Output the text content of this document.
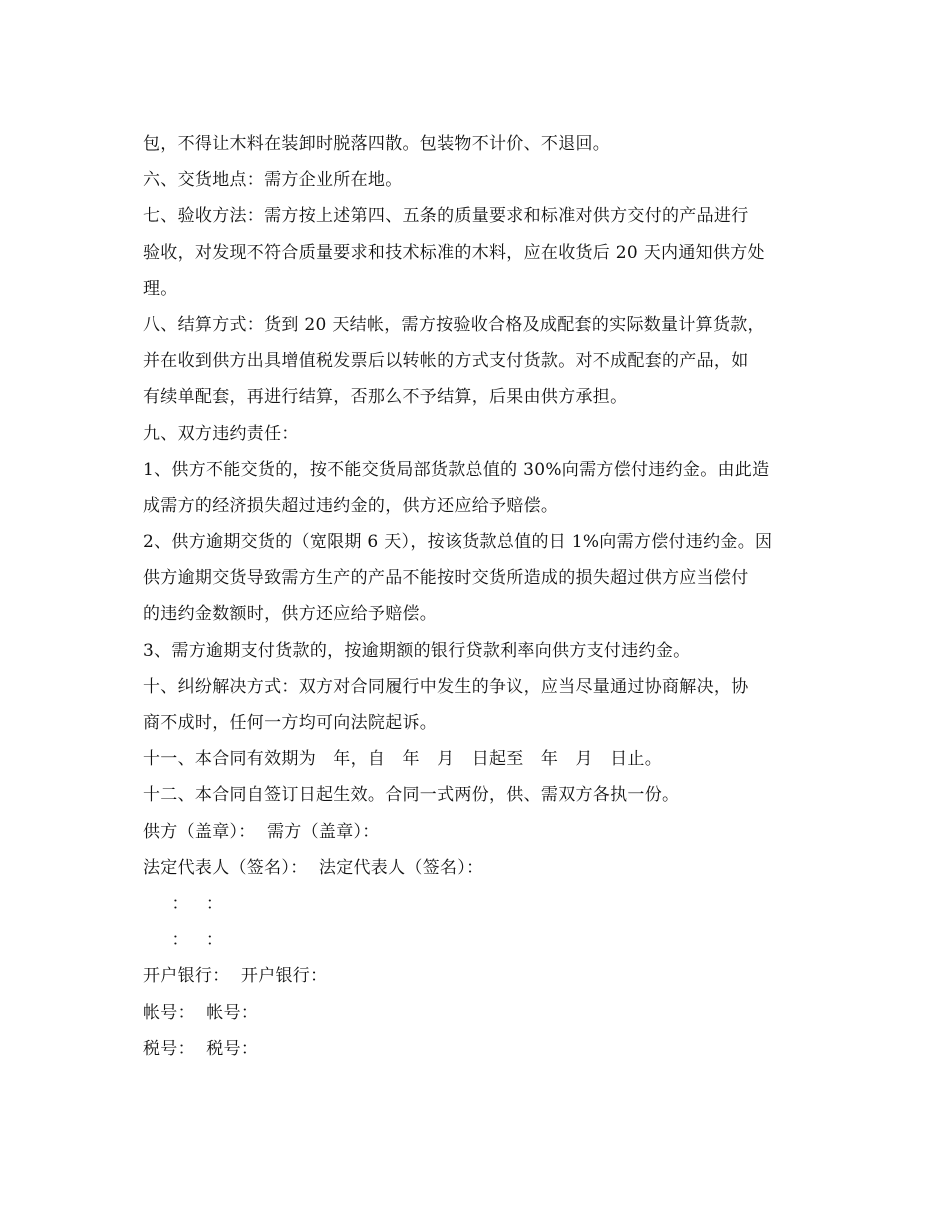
包，不得让木料在装卸时脱落四散。包装物不计价、不退回。
六、交货地点：需方企业所在地。
七、验收方法：需方按上述第四、五条的质量要求和标准对供方交付的产品进行
验收，对发现不符合质量要求和技术标准的木料，应在收货后 20 天内通知供方处
理。
八、结算方式：货到 20 天结帐，需方按验收合格及成配套的实际数量计算货款，
并在收到供方出具增值税发票后以转帐的方式支付货款。对不成配套的产品，如
有续单配套，再进行结算，否那么不予结算，后果由供方承担。
九、双方违约责任：
1、供方不能交货的，按不能交货局部货款总值的 30%向需方偿付违约金。由此造
成需方的经济损失超过违约金的，供方还应给予赔偿。
2、供方逾期交货的（宽限期 6 天），按该货款总值的日 1%向需方偿付违约金。因
供方逾期交货导致需方生产的产品不能按时交货所造成的损失超过供方应当偿付
的违约金数额时，供方还应给予赔偿。
3、需方逾期支付货款的，按逾期额的银行贷款利率向供方支付违约金。
十、纠纷解决方式：双方对合同履行中发生的争议，应当尽量通过协商解决，协
商不成时，任何一方均可向法院起诉。
十一、本合同有效期为　年，自　年　月　日起至　年　月　日止。
十二、本合同自签订日起生效。合同一式两份，供、需双方各执一份。
供方（盖章）：  需方（盖章）：
法定代表人（签名）：  法定代表人（签名）：
：   ：
：   ：
开户银行：  开户银行：
帐号：  帐号：
税号：  税号：
